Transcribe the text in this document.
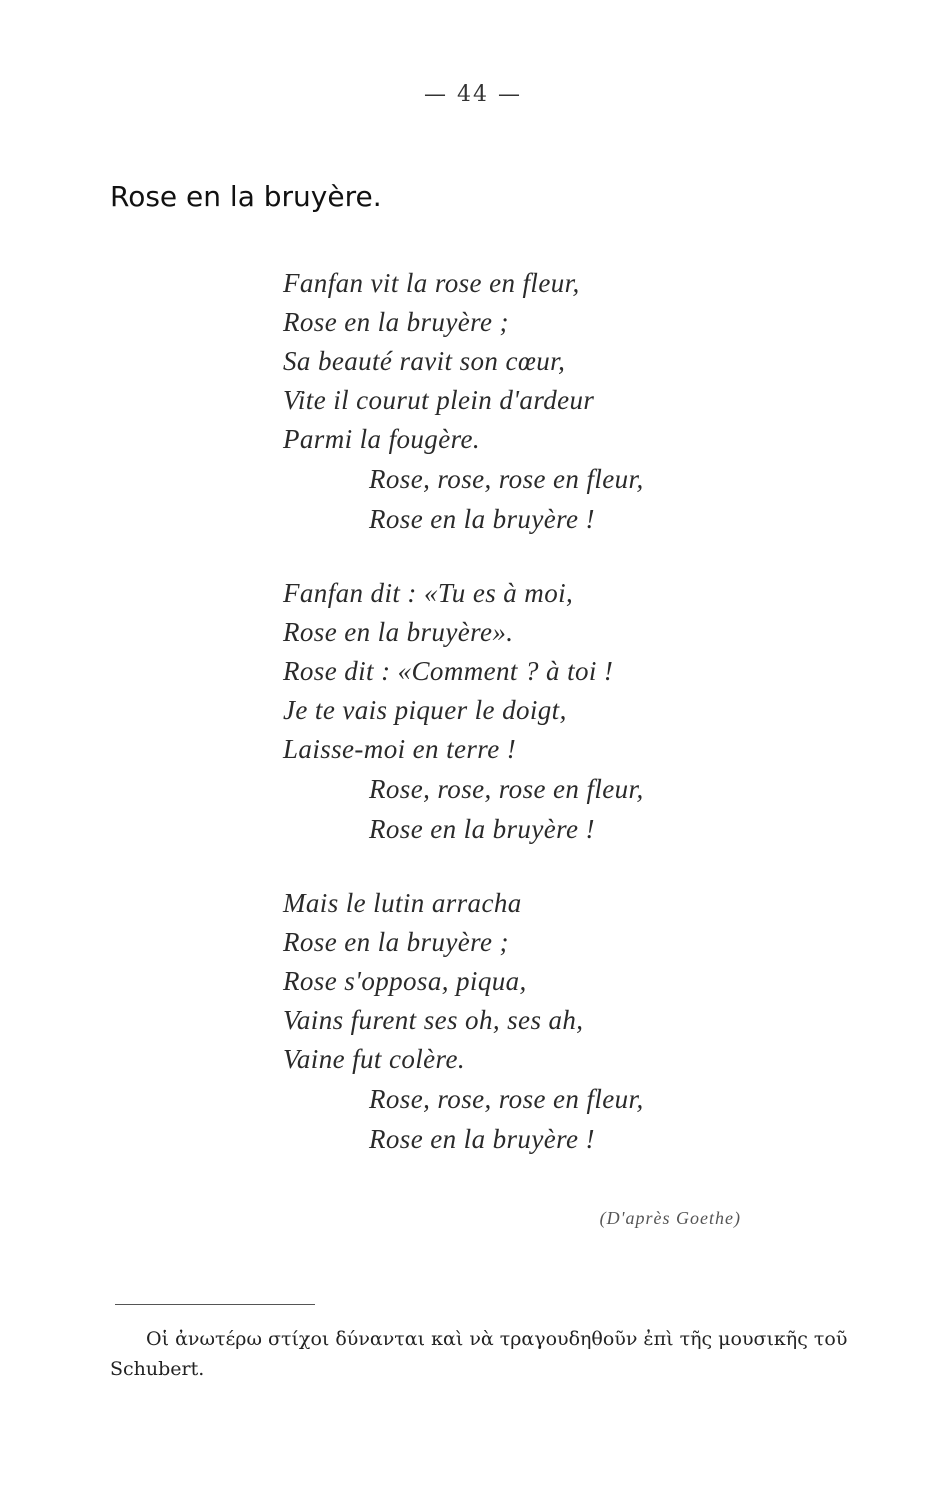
— 44 —
Rose en la bruyère.
Fanfan vit la rose en fleur,
Rose en la bruyère ;
Sa beauté ravit son cœur,
Vite il courut plein d'ardeur
Parmi la fougère.
Rose, rose, rose en fleur,
Rose en la bruyère !
Fanfan dit : «Tu es à moi,
Rose en la bruyère».
Rose dit : «Comment ? à toi !
Je te vais piquer le doigt,
Laisse-moi en terre !
Rose, rose, rose en fleur,
Rose en la bruyère !
Mais le lutin arracha
Rose en la bruyère ;
Rose s'opposa, piqua,
Vains furent ses oh, ses ah,
Vaine fut colère.
Rose, rose, rose en fleur,
Rose en la bruyère !
(D'après Goethe)
Οἱ ἀνωτέρω στίχοι δύνανται καὶ νὰ τραγουδηθοῦν ἐπὶ τῆς μουσικῆς τοῦ Schubert.
